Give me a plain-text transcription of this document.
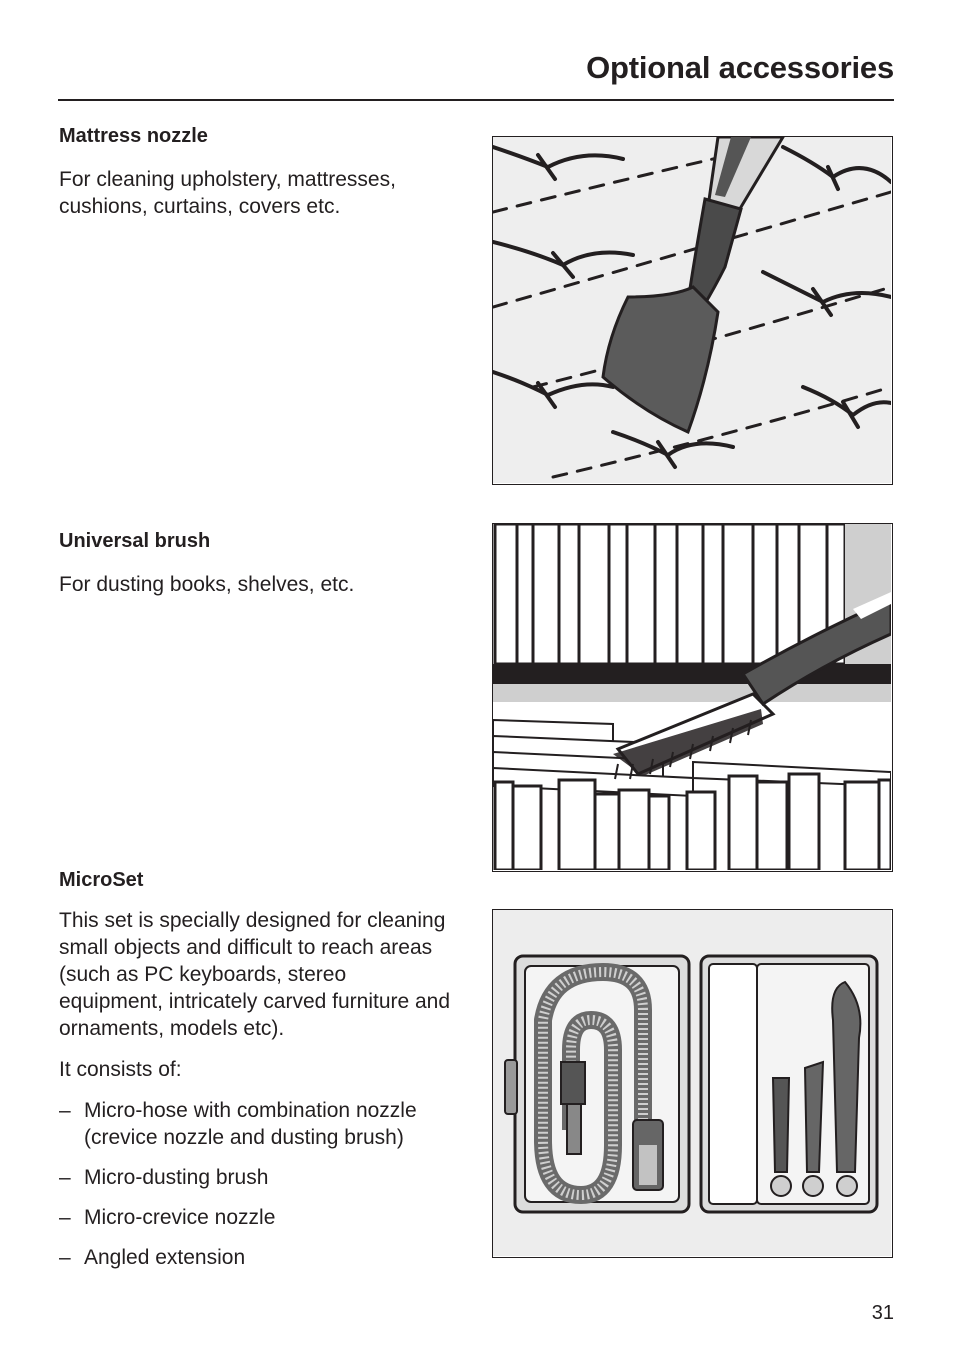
Optional accessories
Mattress nozzle

For cleaning upholstery, mattresses, cushions, curtains, covers etc.

Universal brush

For dusting books, shelves, etc.

MicroSet

This set is specially designed for cleaning small objects and difficult to reach areas (such as PC keyboards, stereo equipment, intricately carved furniture and ornaments, models etc).

It consists of:

– Micro-hose with combination nozzle (crevice nozzle and dusting brush)
– Micro-dusting brush
– Micro-crevice nozzle
– Angled extension
31
